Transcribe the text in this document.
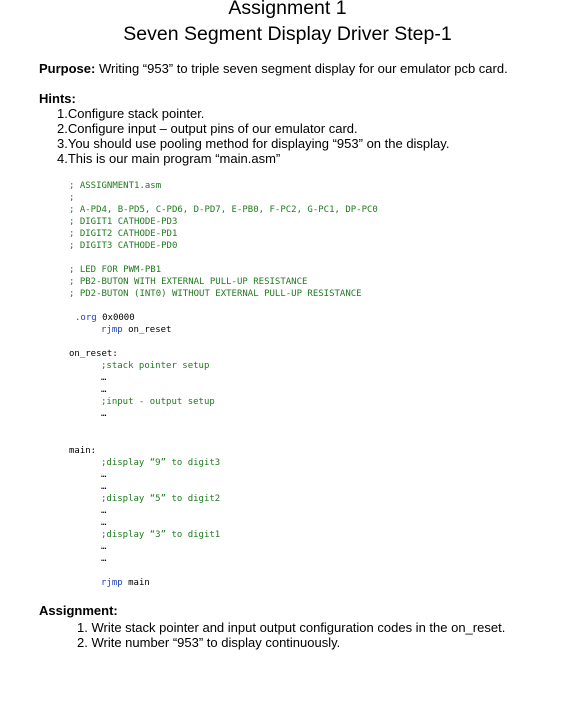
Assignment 1
Seven Segment Display Driver Step-1
Purpose: Writing “953” to triple seven segment display for our emulator pcb card.
Hints:
1.Configure stack pointer.
2.Configure input – output pins of our emulator card.
3.You should use pooling method for displaying “953” on the display.
4.This is our main program “main.asm”
; ASSIGNMENT1.asm
;
; A-PD4, B-PD5, C-PD6, D-PD7, E-PB0, F-PC2, G-PC1, DP-PC0
; DIGIT1 CATHODE-PD3
; DIGIT2 CATHODE-PD1
; DIGIT3 CATHODE-PD0
; LED FOR PWM-PB1
; PB2-BUTON WITH EXTERNAL PULL-UP RESISTANCE
; PD2-BUTON (INT0) WITHOUT EXTERNAL PULL-UP RESISTANCE
.org 0x0000
rjmp on_reset
on_reset:
;stack pointer setup
…
…
;input - output setup
…
main:
;display “9” to digit3
…
…
;display “5” to digit2
…
…
;display “3” to digit1
…
…
rjmp main
Assignment:
1. Write stack pointer and input output configuration codes in the on_reset.
2. Write number “953” to display continuously.
